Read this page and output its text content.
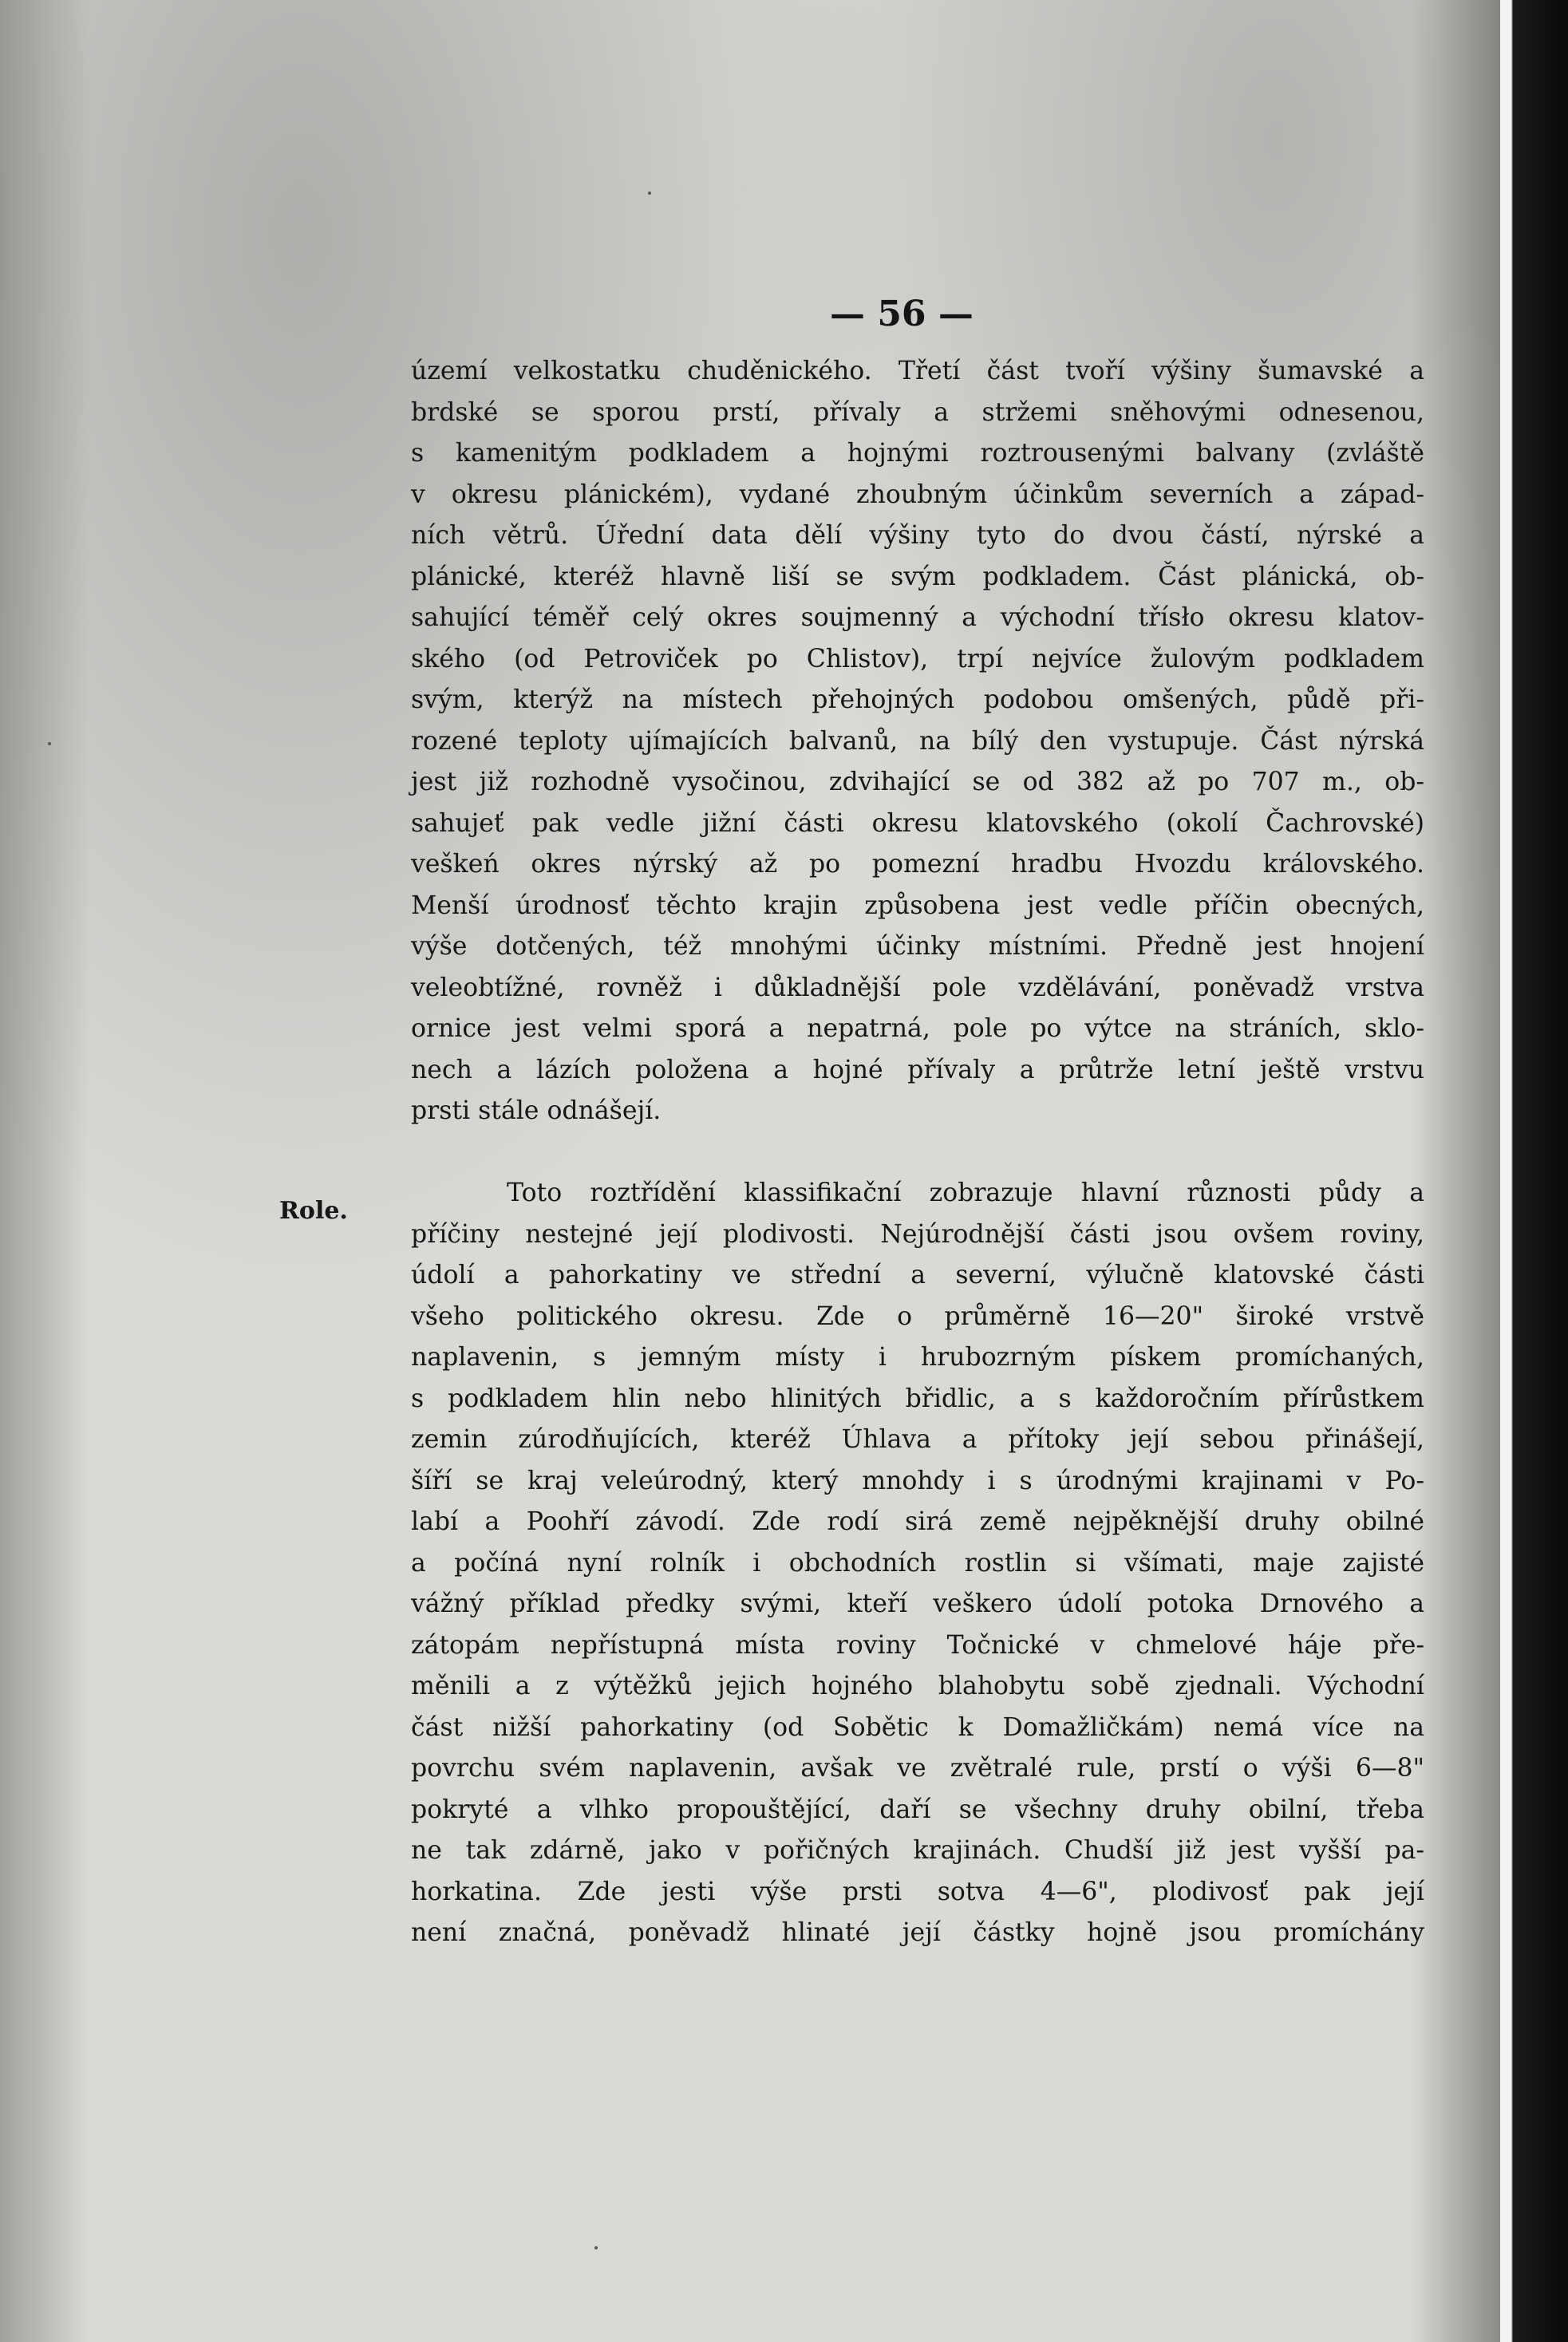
— 56 —

Role.

území velkostatku chuděnického. Třetí část tvoří výšiny šumavské a
brdské se sporou prstí, přívaly a stržemi sněhovými odnesenou,
s kamenitým podkladem a hojnými roztrousenými balvany (zvláště
v okresu plánickém), vydané zhoubným účinkům severních a západ-
ních větrů. Úřední data dělí výšiny tyto do dvou částí, nýrské a
plánické, kteréž hlavně liší se svým podkladem. Část plánická, ob-
sahující téměř celý okres soujmenný a východní třísło okresu klatov-
ského (od Petroviček po Chlistov), trpí nejvíce žulovým podkladem
svým, kterýž na místech přehojných podobou omšených, půdě při-
rozené teploty ujímajících balvanů, na bílý den vystupuje. Část nýrská
jest již rozhodně vysočinou, zdvihající se od 382 až po 707 m., ob-
sahujeť pak vedle jižní části okresu klatovského (okolí Čachrovské)
veškeń okres nýrský až po pomezní hradbu Hvozdu královského.
Menší úrodnosť těchto krajin způsobena jest vedle příčin obecných,
výše dotčených, též mnohými účinky místními. Předně jest hnojení
veleobtížné, rovněž i důkladnější pole vzdělávání, poněvadž vrstva
ornice jest velmi sporá a nepatrná, pole po výtce na stráních, sklo-
nech a lázích položena a hojné přívaly a průtrže letní ještě vrstvu
prsti stále odnášejí.
Toto roztřídění klassifikační zobrazuje hlavní různosti půdy a
příčiny nestejné její plodivosti. Nejúrodnější části jsou ovšem roviny,
údolí a pahorkatiny ve střední a severní, výlučně klatovské části
všeho politického okresu. Zde o průměrně 16—20" široké vrstvě
naplavenin, s jemným místy i hrubozrným pískem promíchaných,
s podkladem hlin nebo hlinitých břidlic, a s každoročním přírůstkem
zemin zúrodňujících, kteréž Úhlava a přítoky její sebou přinášejí,
šíří se kraj veleúrodný, který mnohdy i s úrodnými krajinami v Po-
labí a Poohří závodí. Zde rodí sirá země nejpěknější druhy obilné
a počíná nyní rolník i obchodních rostlin si všímati, maje zajisté
vážný příklad předky svými, kteří veškero údolí potoka Drnového a
zátopám nepřístupná místa roviny Točnické v chmelové háje pře-
měnili a z výtěžků jejich hojného blahobytu sobě zjednali. Východní
část nižší pahorkatiny (od Sobětic k Domažličkám) nemá více na
povrchu svém naplavenin, avšak ve zvětralé rule, prstí o výši 6—8"
pokryté a vlhko propouštějící, daří se všechny druhy obilní, třeba
ne tak zdárně, jako v pořičných krajinách. Chudší již jest vyšší pa-
horkatina. Zde jesti výše prsti sotva 4—6", plodivosť pak její
není značná, poněvadž hlinaté její částky hojně jsou promíchány
